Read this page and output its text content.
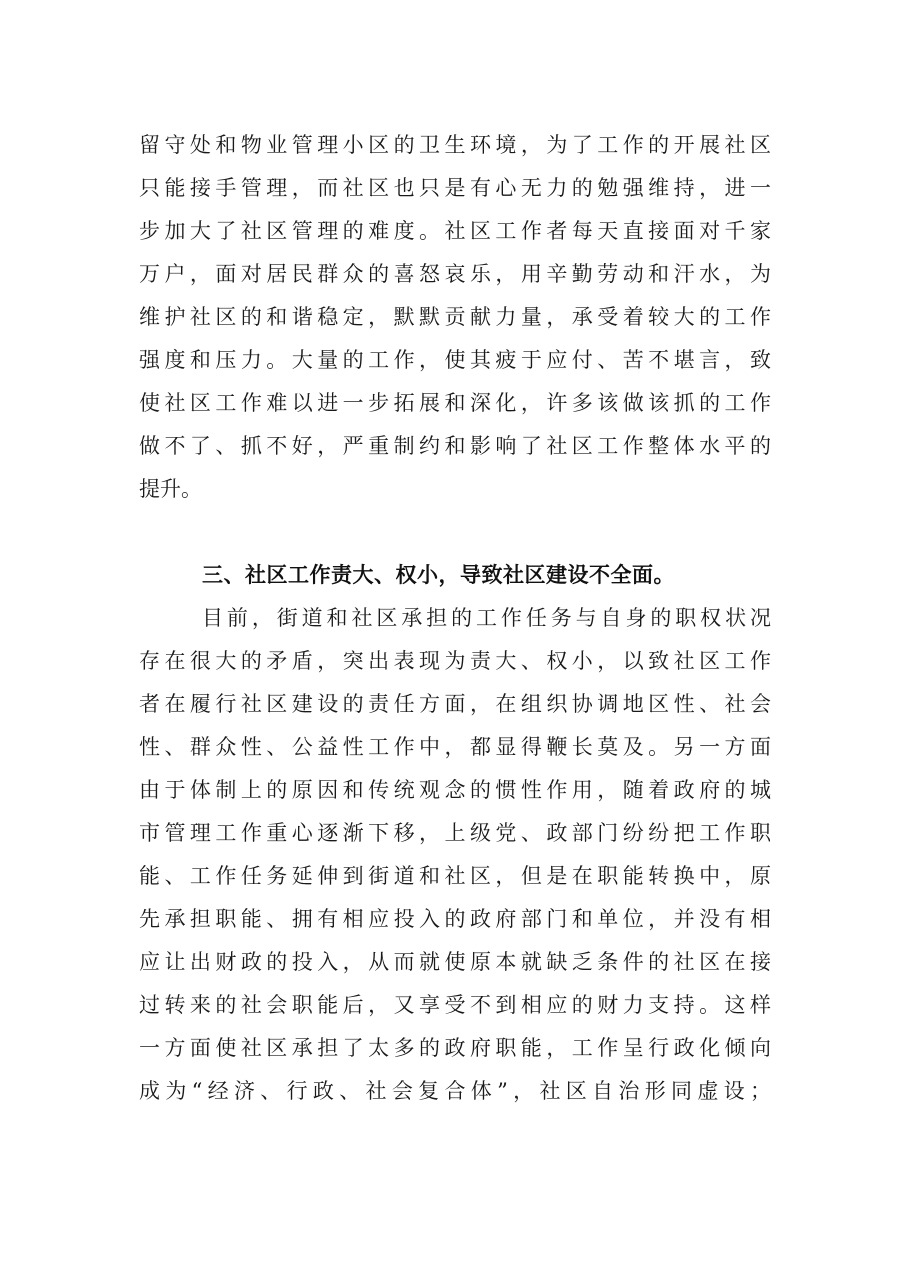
留守处和物业管理小区的卫生环境，为了工作的开展社区
只能接手管理，而社区也只是有心无力的勉强维持，进一
步加大了社区管理的难度。社区工作者每天直接面对千家
万户，面对居民群众的喜怒哀乐，用辛勤劳动和汗水，为
维护社区的和谐稳定，默默贡献力量，承受着较大的工作
强度和压力。大量的工作，使其疲于应付、苦不堪言，致
使社区工作难以进一步拓展和深化，许多该做该抓的工作
做不了、抓不好，严重制约和影响了社区工作整体水平的
提升。
三、社区工作责大、权小，导致社区建设不全面。
目前，街道和社区承担的工作任务与自身的职权状况
存在很大的矛盾，突出表现为责大、权小，以致社区工作
者在履行社区建设的责任方面，在组织协调地区性、社会
性、群众性、公益性工作中，都显得鞭长莫及。另一方面
由于体制上的原因和传统观念的惯性作用，随着政府的城
市管理工作重心逐渐下移，上级党、政部门纷纷把工作职
能、工作任务延伸到街道和社区，但是在职能转换中，原
先承担职能、拥有相应投入的政府部门和单位，并没有相
应让出财政的投入，从而就使原本就缺乏条件的社区在接
过转来的社会职能后，又享受不到相应的财力支持。这样
一方面使社区承担了太多的政府职能，工作呈行政化倾向
成为“经济、行政、社会复合体”，社区自治形同虚设；
